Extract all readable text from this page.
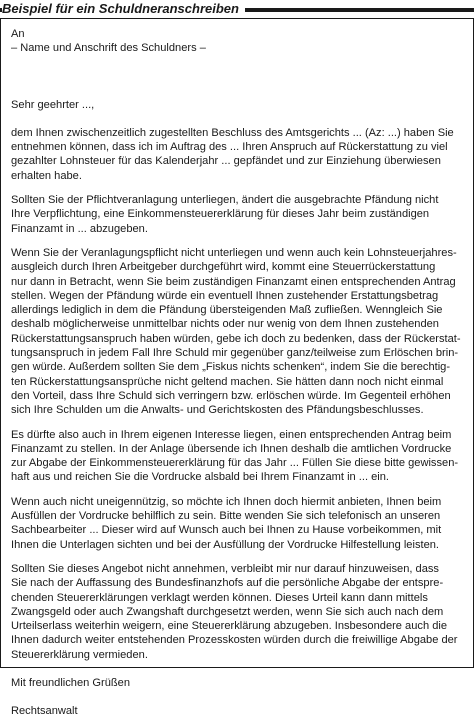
Beispiel für ein Schuldneranschreiben

An

– Name und Anschrift des Schuldners –

Sehr geehrter ...,

dem Ihnen zwischenzeitlich zugestellten Beschluss des Amtsgerichts ... (Az: ...) haben Sie
entnehmen können, dass ich im Auftrag des ... Ihren Anspruch auf Rückerstattung zu viel
gezahlter Lohnsteuer für das Kalenderjahr ... gepfändet und zur Einziehung überwiesen
erhalten habe.

Sollten Sie der Pflichtveranlagung unterliegen, ändert die ausgebrachte Pfändung nicht
Ihre Verpflichtung, eine Einkommensteuererklärung für dieses Jahr beim zuständigen
Finanzamt in ... abzugeben.

Wenn Sie der Veranlagungspflicht nicht unterliegen und wenn auch kein Lohnsteuerjahres-
ausgleich durch Ihren Arbeitgeber durchgeführt wird, kommt eine Steuerrückerstattung
nur dann in Betracht, wenn Sie beim zuständigen Finanzamt einen entsprechenden Antrag
stellen. Wegen der Pfändung würde ein eventuell Ihnen zustehender Erstattungsbetrag
allerdings lediglich in dem die Pfändung übersteigenden Maß zufließen. Wenngleich Sie
deshalb möglicherweise unmittelbar nichts oder nur wenig von dem Ihnen zustehenden
Rückerstattungsanspruch haben würden, gebe ich doch zu bedenken, dass der Rückerstat-
tungsanspruch in jedem Fall Ihre Schuld mir gegenüber ganz/teilweise zum Erlöschen brin-
gen würde. Außerdem sollten Sie dem „Fiskus nichts schenken“, indem Sie die berechtig-
ten Rückerstattungsansprüche nicht geltend machen. Sie hätten dann noch nicht einmal
den Vorteil, dass Ihre Schuld sich verringern bzw. erlöschen würde. Im Gegenteil erhöhen
sich Ihre Schulden um die Anwalts- und Gerichtskosten des Pfändungsbeschlusses.

Es dürfte also auch in Ihrem eigenen Interesse liegen, einen entsprechenden Antrag beim
Finanzamt zu stellen. In der Anlage übersende ich Ihnen deshalb die amtlichen Vordrucke
zur Abgabe der Einkommensteuererklärung für das Jahr ... Füllen Sie diese bitte gewissen-
haft aus und reichen Sie die Vordrucke alsbald bei Ihrem Finanzamt in ... ein.

Wenn auch nicht uneigennützig, so möchte ich Ihnen doch hiermit anbieten, Ihnen beim
Ausfüllen der Vordrucke behilflich zu sein. Bitte wenden Sie sich telefonisch an unseren
Sachbearbeiter ... Dieser wird auf Wunsch auch bei Ihnen zu Hause vorbeikommen, mit
Ihnen die Unterlagen sichten und bei der Ausfüllung der Vordrucke Hilfestellung leisten.

Sollten Sie dieses Angebot nicht annehmen, verbleibt mir nur darauf hinzuweisen, dass
Sie nach der Auffassung des Bundesfinanzhofs auf die persönliche Abgabe der entspre-
chenden Steuererklärungen verklagt werden können. Dieses Urteil kann dann mittels
Zwangsgeld oder auch Zwangshaft durchgesetzt werden, wenn Sie sich auch nach dem
Urteilserlass weiterhin weigern, eine Steuererklärung abzugeben. Insbesondere auch die
Ihnen dadurch weiter entstehenden Prozesskosten würden durch die freiwillige Abgabe der
Steuererklärung vermieden.

Mit freundlichen Grüßen

Rechtsanwalt
